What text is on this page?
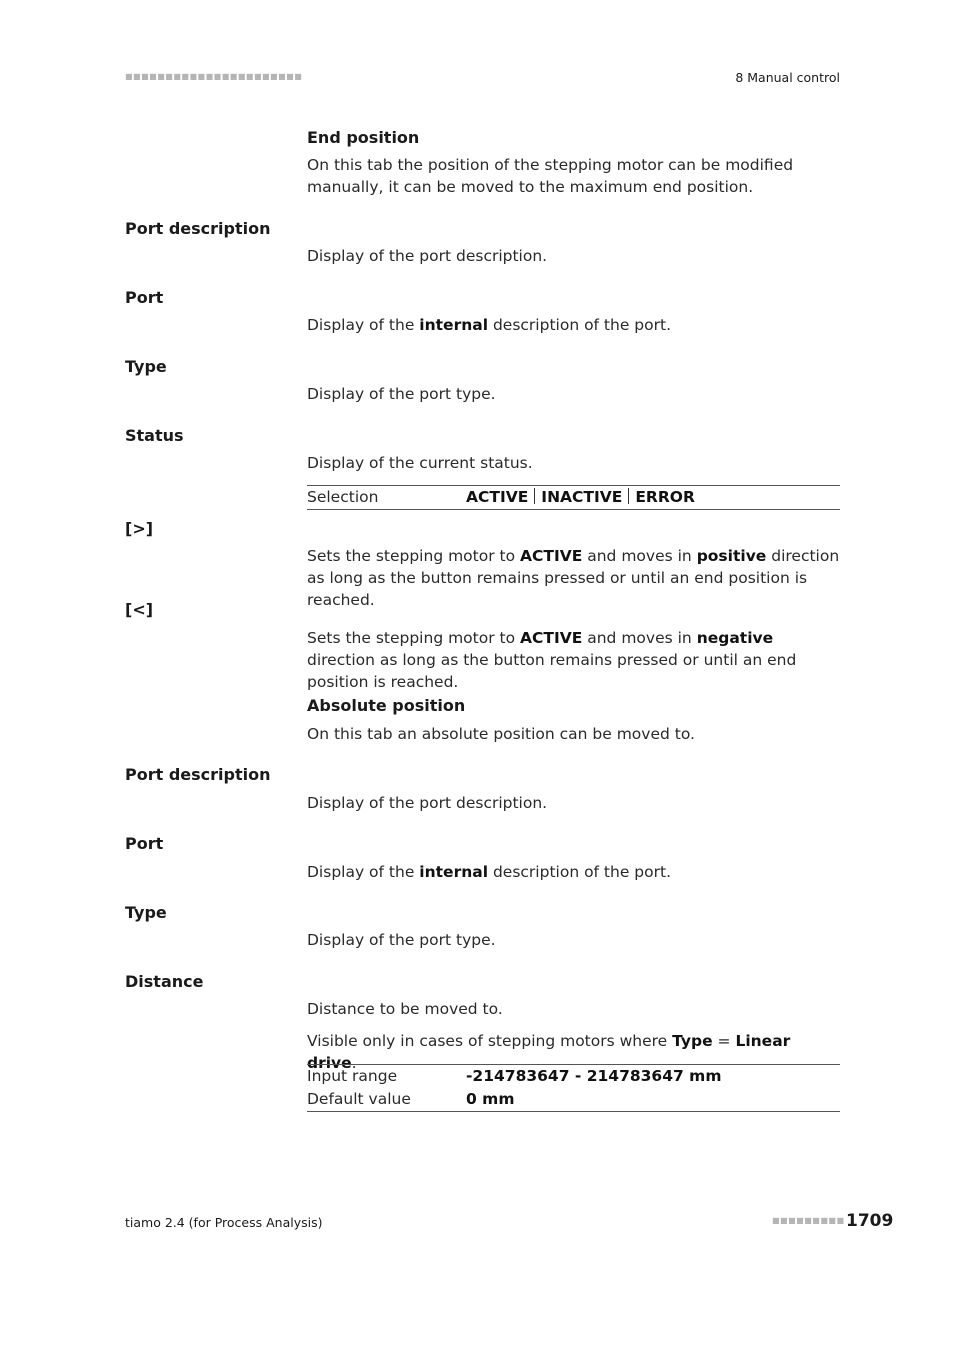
■■■■■■■■■■■■■■■■■■■■■■	8 Manual control
End position
On this tab the position of the stepping motor can be modified manually, it can be moved to the maximum end position.
Port description
Display of the port description.
Port
Display of the internal description of the port.
Type
Display of the port type.
Status
Display of the current status.
Selection	ACTIVE INACTIVE ERROR
[>]
Sets the stepping motor to ACTIVE and moves in positive direction as long as the button remains pressed or until an end position is reached.
[<]
Sets the stepping motor to ACTIVE and moves in negative direction as long as the button remains pressed or until an end position is reached.
Absolute position
On this tab an absolute position can be moved to.
Port description
Display of the port description.
Port
Display of the internal description of the port.
Type
Display of the port type.
Distance
Distance to be moved to.
Visible only in cases of stepping motors where Type = Linear drive.
Input range	-214783647 - 214783647 mm
Default value	0 mm
tiamo 2.4 (for Process Analysis)	■■■■■■■■■ 1709
